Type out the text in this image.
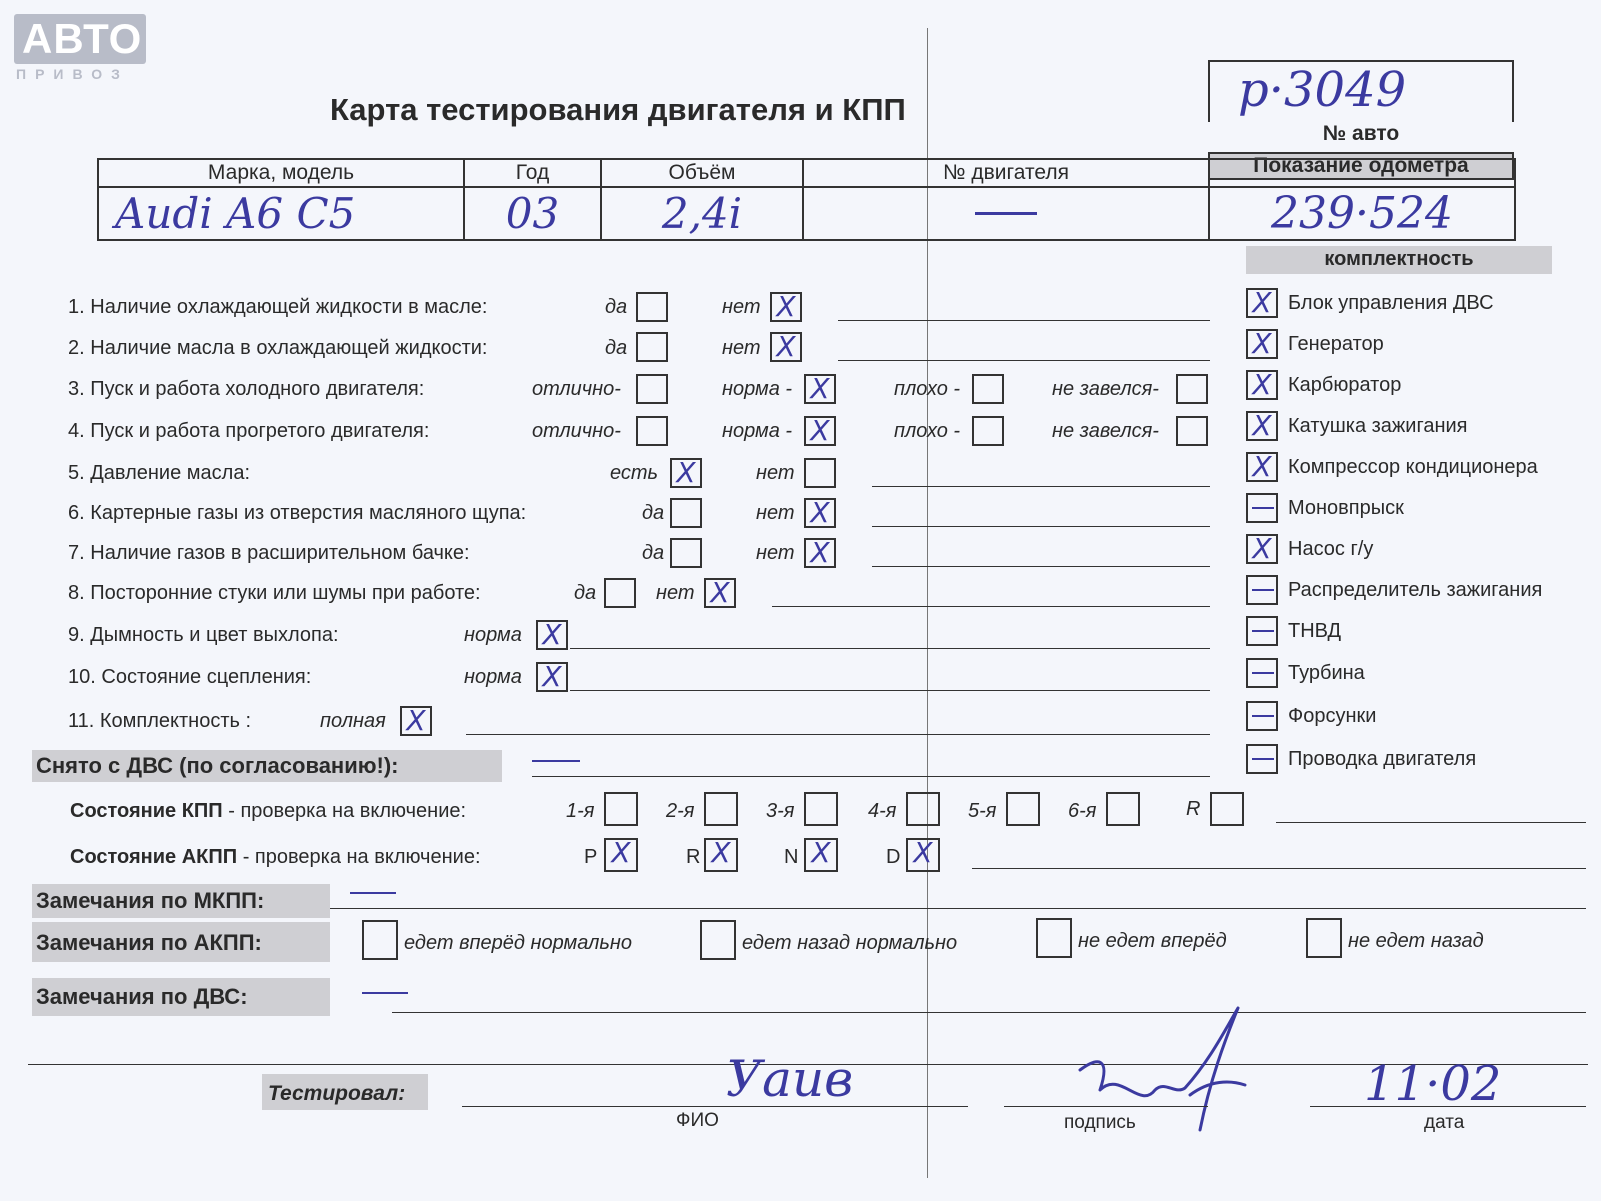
АВТО
ПРИВОЗ
Карта тестирования двигателя и КПП	p·3049
№ авто
Показание одометра
Марка, модель	Год	Объём	№ двигателя	
Audi A6 C5	03	2,4i		239·524
комплектность
1. Наличие охлаждающей жидкости в масле:	да	нет X
2. Наличие масла в охлаждающей жидкости:	да	нет X
3. Пуск и работа холодного двигателя:	отлично-	норма - X	плохо -	не завелся-
4. Пуск и работа прогретого двигателя:	отлично-	норма - X	плохо -	не завелся-
5. Давление масла:	есть X	нет
6. Картерные газы из отверстия масляного щупа:	да	нет X
7. Наличие газов в расширительном бачке:	да	нет X
8. Посторонние стуки или шумы при работе:	да	нет X
9. Дымность и цвет выхлопа:	норма X
10. Состояние сцепления:	норма X
11. Комплектность :	полная X
X Блок управления ДВС
X Генератор
X Карбюратор
X Катушка зажигания
X Компрессор кондиционера
Моновпрыск
X Насос г/у
Распределитель зажигания
ТНВД
Турбина
Форсунки
Проводка двигателя
Снято с ДВС (по согласованию!):
Состояние КПП - проверка на включение:	1-я	2-я	3-я	4-я	5-я	6-я	R
Состояние АКПП - проверка на включение:	P X	R X	N X	D X
Замечания по МКПП:
Замечания по АКПП:	едет вперёд нормально	едет назад нормально	не едет вперёд	не едет назад
Замечания по ДВС:
Тестировал:	Уаив
ФИО	подпись
11·02
дата
